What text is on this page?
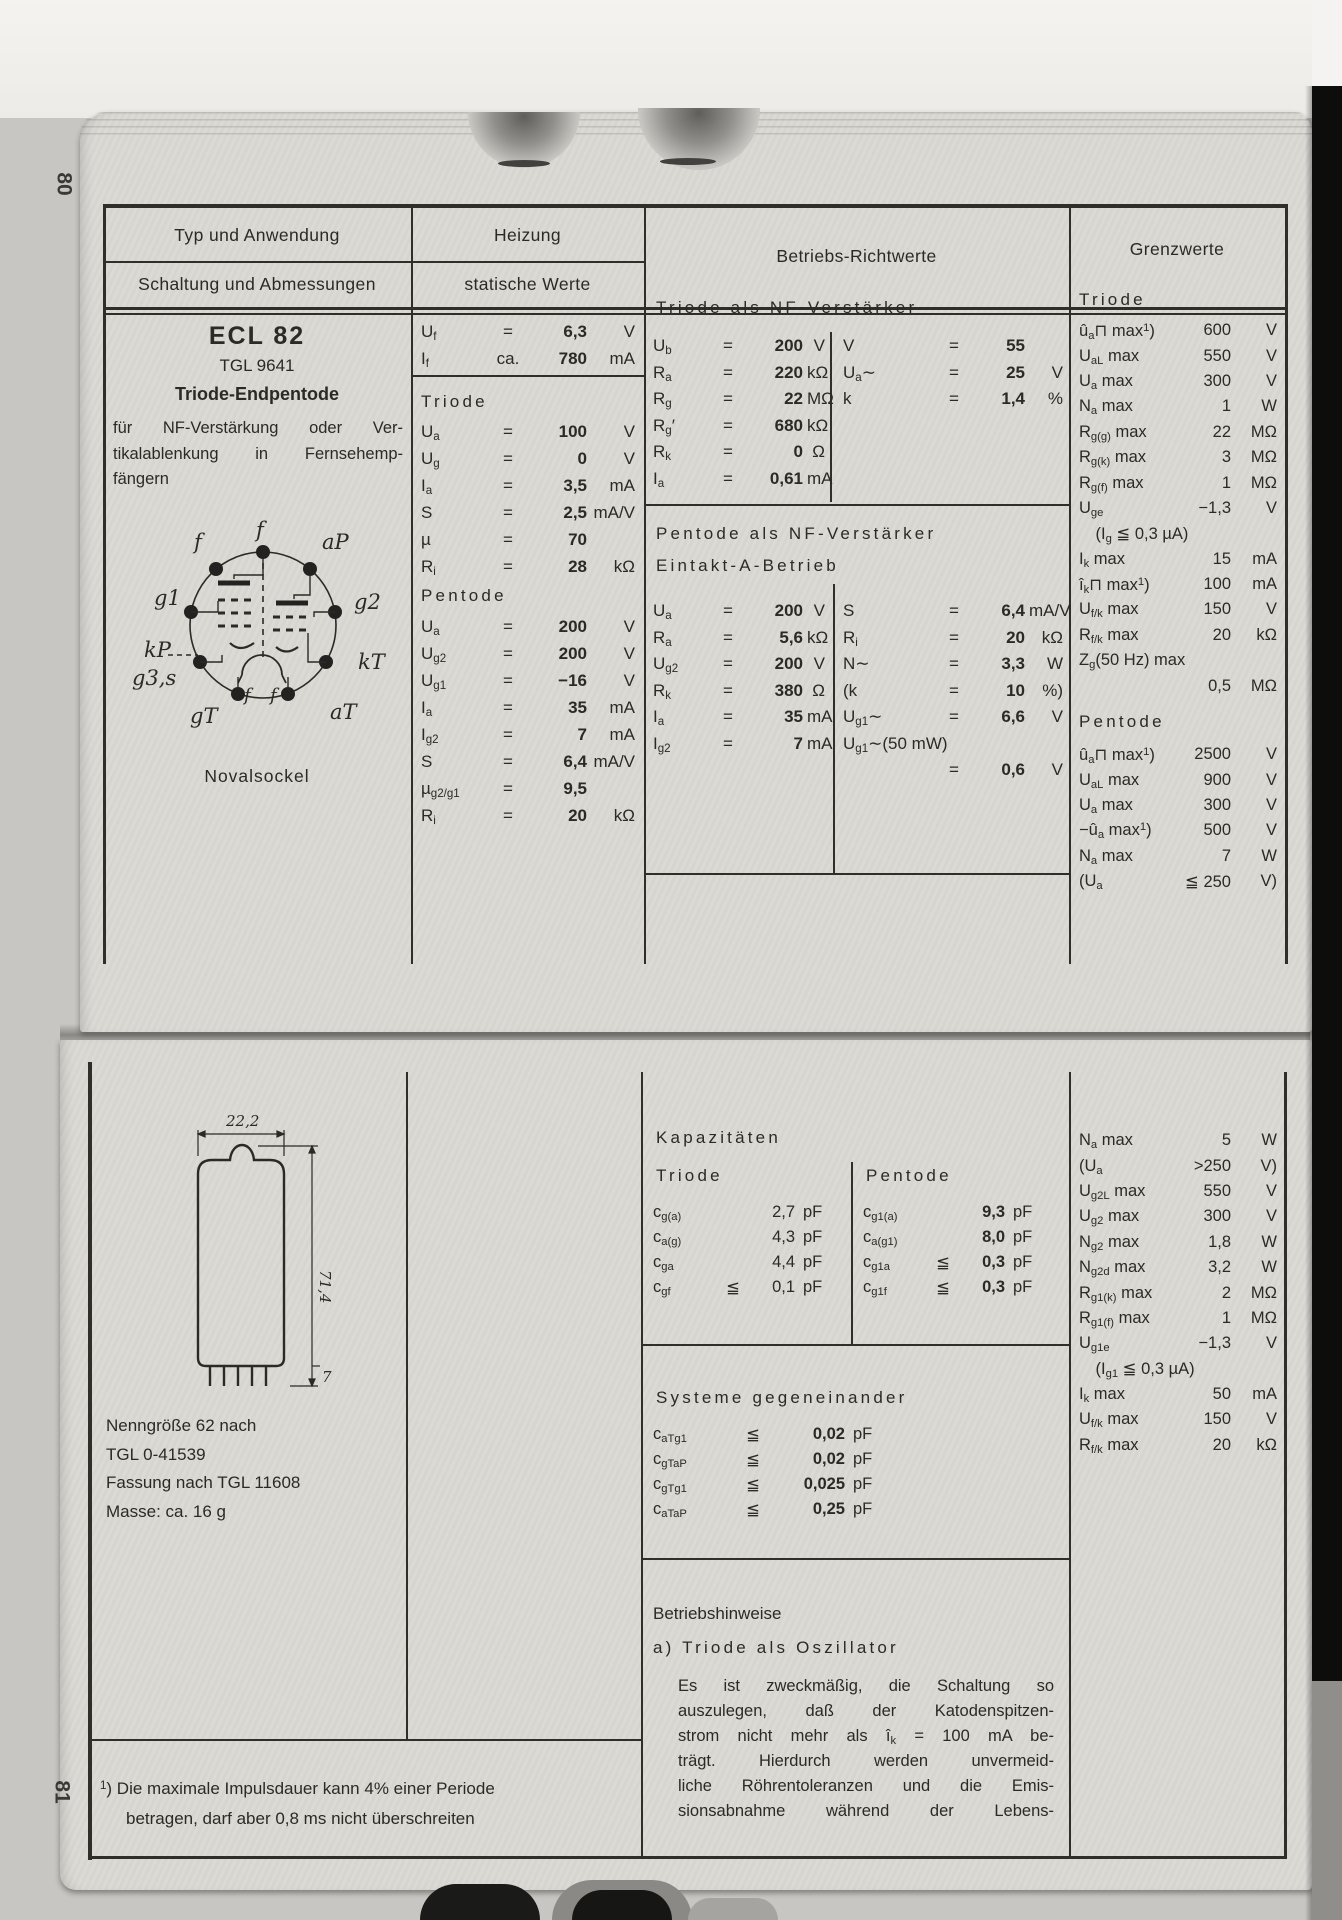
80
81
Typ und Anwendung
Schaltung und Abmessungen
Heizung
statische Werte
Betriebs-Richtwerte	Grenzwerte
ECL 82
TGL 9641
Triode-Endpentode
für NF-Verstärkung oder Ver-
tikalablenkung in Fernsehemp-
fängern
f
f	aP
g1	g2
kP
g3,s
kT
gT	aT
f f
Novalsockel
$U_f$	=	6,3	V
$I_f$	ca.	780	mA
Triode
$U_a$	=	100	V
$U_g$	=	0	V
$I_a$	=	3,5	mA
S	=	2,5 mA/V
µ	=	70
$R_i$	=	28	kΩ
Pentode
$U_a$	=	200	V
$U_{g2}$	=	200	V
$U_{g1}$	=	−16	V
$I_a$	=	35	mA
$I_{g2}$	=	7	mA
S	=	6,4 mA/V
µ$_{g2/g1}$	=	9,5
$R_i$	=	20	kΩ
Triode als NF-Verstärker
$U_b$	=	200 V
$R_a$	=	220 kΩ
$R_g$	=	22 MΩ
$R_g'$	=	680 kΩ
$R_k$	=	0 Ω
$I_a$	=	0,61 mA
V	=	55
$U_a\sim$	=	25	V
k	=	1,4	%
Pentode als NF-Verstärker
Eintakt-A-Betrieb
$U_a$	=	200 V
$R_a$	=	5,6 kΩ
$U_{g2}$	=	200 V
$R_k$	=	380 Ω
$I_a$	=	35 mA
$I_{g2}$	=	7 mA
S	=	6,4 mA/V
$R_i$	=	20 kΩ
N∼	=	3,3	W
(k	=	10	%)
$U_{g1}\sim$	=	6,6	V
$U_{g1}\sim(50$ mW)
=	0,6	V
Triode
$û_a⊓$ $\max^1$)	600	V
$U_{aL}$ max	550	V
$U_a$ max	300	V
$N_a$ max	1	W
$R_{g(g)}$ max	22	MΩ
$R_{g(k)}$ max	3	MΩ
$R_{g(f)}$ max	1	MΩ
$U_{ge}$	−1,3	V
  ($I_g$ ≦ 0,3 µA)
$I_k$ max	15	mA
$î_k⊓$ $\max^1$)	100	mA
$U_{f/k}$ max	150	V
$R_{f/k}$ max	20	kΩ
$Z_g(50$ Hz) max
0,5	MΩ
Pentode
$û_a⊓$ $\max^1$)	2500	V
$U_{aL}$ max	900	V
$U_a$ max	300	V
$-û_a$ $\max^1$)	500	V
$N_a$ max	7	W
($U_a$	≦ 250	V)
22,2
71,4
7
Nenngröße 62 nach
TGL 0-41539
Fassung nach TGL 11608
Masse: ca. 16 g
Kapazitäten
Triode	Pentode
$c_{g(a)}$	2,7 pF
$c_{a(g)}$	4,3 pF
$c_{ga}$	4,4 pF
$c_{gf}$	≦	0,1 pF
$c_{g1(a)}$	9,3 pF
$c_{a(g1)}$	8,0 pF
$c_{g1a}$	≦	0,3 pF
$c_{g1f}$	≦	0,3 pF
Systeme gegeneinander
$c_{aTg1}$	≦	0,02 pF
$c_{gTaP}$	≦	0,02 pF
$c_{gTg1}$	≦	0,025 pF
$c_{aTaP}$	≦	0,25 pF
Betriebshinweise
a) Triode als Oszillator
Es ist zweckmäßig, die Schaltung so
auszulegen, daß der Katodenspitzen-
strom nicht mehr als $î_k = 100$ mA be-
trägt. Hierdurch werden unvermeid-
liche Röhrentoleranzen und die Emis-
sionsabnahme während der Lebens-
$N_a$ max	5	W
($U_a$	>250	V)
$U_{g2L}$ max	550	V
$U_{g2}$ max	300	V
$N_{g2}$ max	1,8	W
$N_{g2d}$ max	3,2	W
$R_{g1(k)}$ max	2	MΩ
$R_{g1(f)}$ max	1	MΩ
$U_{g1e}$	−1,3	V
  ($I_{g1}$ ≦ 0,3 µA)
$I_k$ max	50	mA
$U_{f/k}$ max	150	V
$R_{f/k}$ max	20	kΩ
$^1$) Die maximale Impulsdauer kann 4% einer Periode
betragen, darf aber 0,8 ms nicht überschreiten
